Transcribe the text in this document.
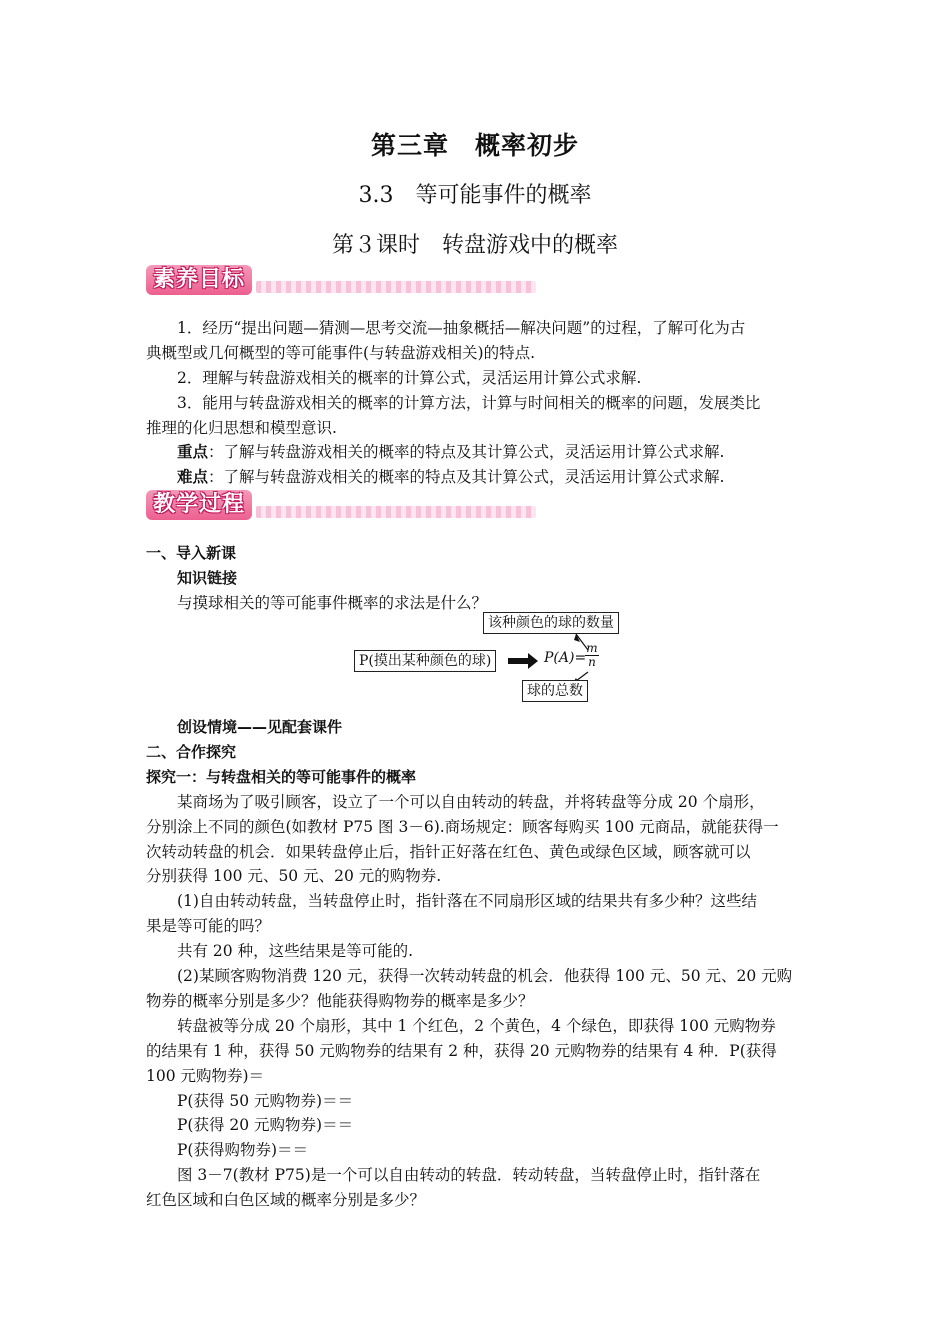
第三章　概率初步
3.3　等可能事件的概率
第３课时　转盘游戏中的概率
素养目标
1．经历“提出问题—猜测—思考交流—抽象概括—解决问题”的过程，了解可化为古
典概型或几何概型的等可能事件(与转盘游戏相关)的特点.
2．理解与转盘游戏相关的概率的计算公式，灵活运用计算公式求解.
3．能用与转盘游戏相关的概率的计算方法，计算与时间相关的概率的问题，发展类比
推理的化归思想和模型意识.
重点：了解与转盘游戏相关的概率的特点及其计算公式，灵活运用计算公式求解.
难点：了解与转盘游戏相关的概率的特点及其计算公式，灵活运用计算公式求解.
教学过程
一、导入新课
知识链接
与摸球相关的等可能事件概率的求法是什么？
该种颜色的球的数量
P(摸出某种颜色的球)	P(A)=
$\frac{m}{n}$
球的总数
创设情境——见配套课件
二、合作探究
探究一：与转盘相关的等可能事件的概率
某商场为了吸引顾客，设立了一个可以自由转动的转盘，并将转盘等分成 20 个扇形，
分别涂上不同的颜色(如教材 P75 图 3－6).商场规定：顾客每购买 100 元商品，就能获得一
次转动转盘的机会．如果转盘停止后，指针正好落在红色、黄色或绿色区域，顾客就可以
分别获得 100 元、50 元、20 元的购物券.
(1)自由转动转盘，当转盘停止时，指针落在不同扇形区域的结果共有多少种？这些结
果是等可能的吗？
共有 20 种，这些结果是等可能的.
(2)某顾客购物消费 120 元，获得一次转动转盘的机会．他获得 100 元、50 元、20 元购
物券的概率分别是多少？他能获得购物券的概率是多少？
转盘被等分成 20 个扇形，其中 1 个红色，2 个黄色，4 个绿色，即获得 100 元购物券
的结果有 1 种，获得 50 元购物券的结果有 2 种，获得 20 元购物券的结果有 4 种．P(获得
100 元购物券)＝
P(获得 50 元购物券)＝＝
P(获得 20 元购物券)＝＝
P(获得购物券)＝＝
图 3－7(教材 P75)是一个可以自由转动的转盘．转动转盘，当转盘停止时，指针落在
红色区域和白色区域的概率分别是多少？
